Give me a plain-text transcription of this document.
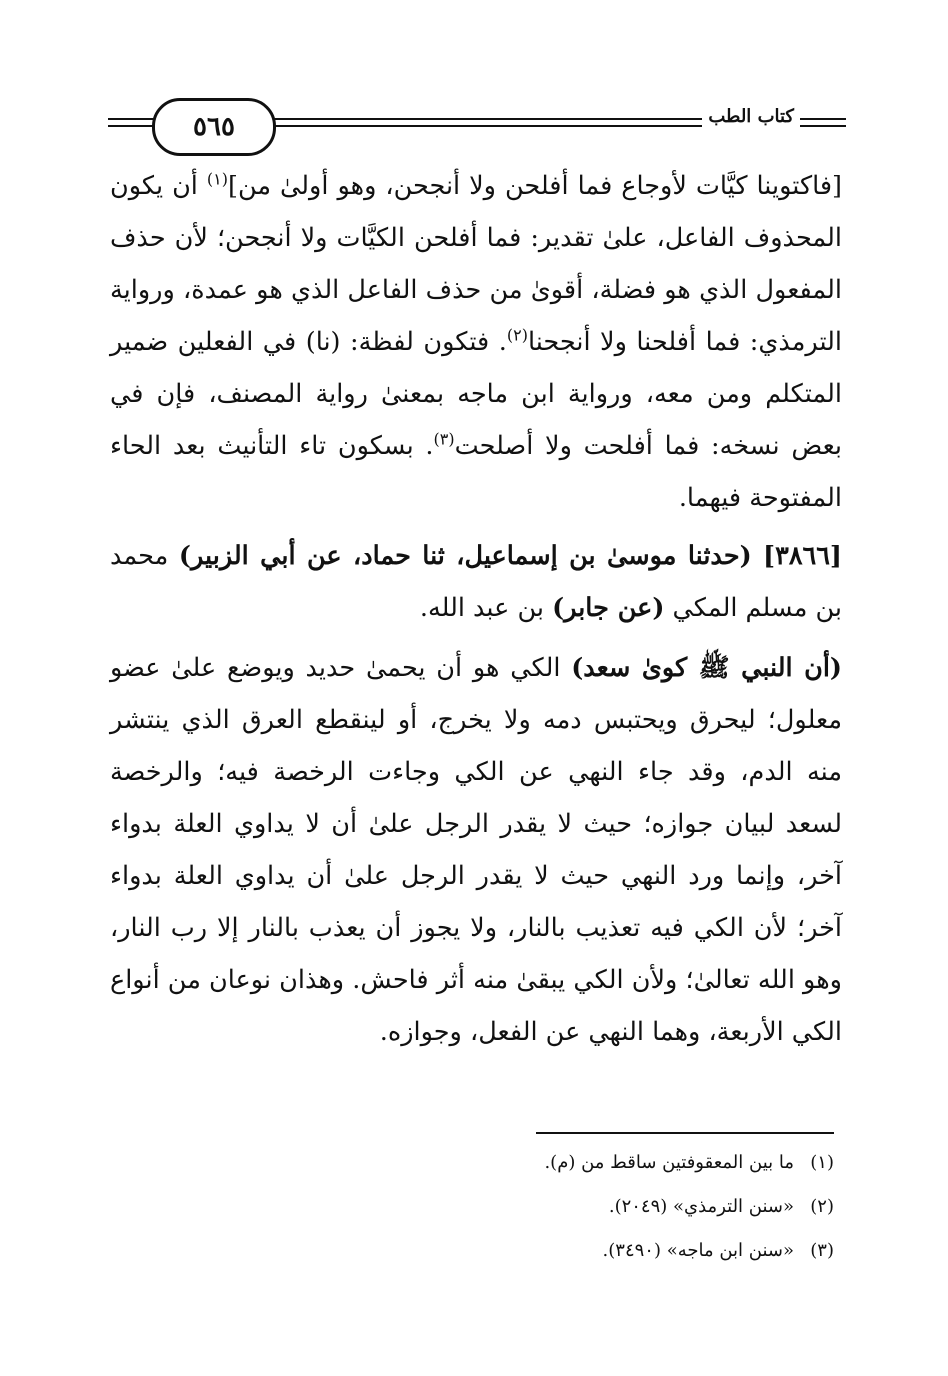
٥٦٥	كتاب الطب

[فاكتوينا كيَّات لأوجاع فما أفلحن ولا أنجحن، وهو أولىٰ من]$^{(١)}$ أن يكون المحذوف الفاعل، علىٰ تقدير: فما أفلحن الكيَّات ولا أنجحن؛ لأن حذف المفعول الذي هو فضلة، أقوىٰ من حذف الفاعل الذي هو عمدة، ورواية الترمذي: فما أفلحنا ولا أنجحنا$^{(٢)}$. فتكون لفظة: (نا) في الفعلين ضمير المتكلم ومن معه، ورواية ابن ماجه بمعنىٰ رواية المصنف، فإن في بعض نسخه: فما أفلحت ولا أصلحت$^{(٣)}$. بسكون تاء التأنيث بعد الحاء المفتوحة فيهما.

[٣٨٦٦] (حدثنا موسىٰ بن إسماعيل، ثنا حماد، عن أبي الزبير) محمد بن مسلم المكي (عن جابر) بن عبد الله.

(أن النبي ﷺ كوىٰ سعد) الكي هو أن يحمىٰ حديد ويوضع علىٰ عضو معلول؛ ليحرق ويحتبس دمه ولا يخرج، أو لينقطع العرق الذي ينتشر منه الدم، وقد جاء النهي عن الكي وجاءت الرخصة فيه؛ والرخصة لسعد لبيان جوازه؛ حيث لا يقدر الرجل علىٰ أن لا يداوي العلة بدواء آخر، وإنما ورد النهي حيث لا يقدر الرجل علىٰ أن يداوي العلة بدواء آخر؛ لأن الكي فيه تعذيب بالنار، ولا يجوز أن يعذب بالنار إلا رب النار، وهو الله تعالىٰ؛ ولأن الكي يبقىٰ منه أثر فاحش. وهذان نوعان من أنواع الكي الأربعة، وهما النهي عن الفعل، وجوازه.

(١)ما بين المعقوفتين ساقط من (م).
(٢)«سنن الترمذي» (٢٠٤٩).
(٣)«سنن ابن ماجه» (٣٤٩٠).
